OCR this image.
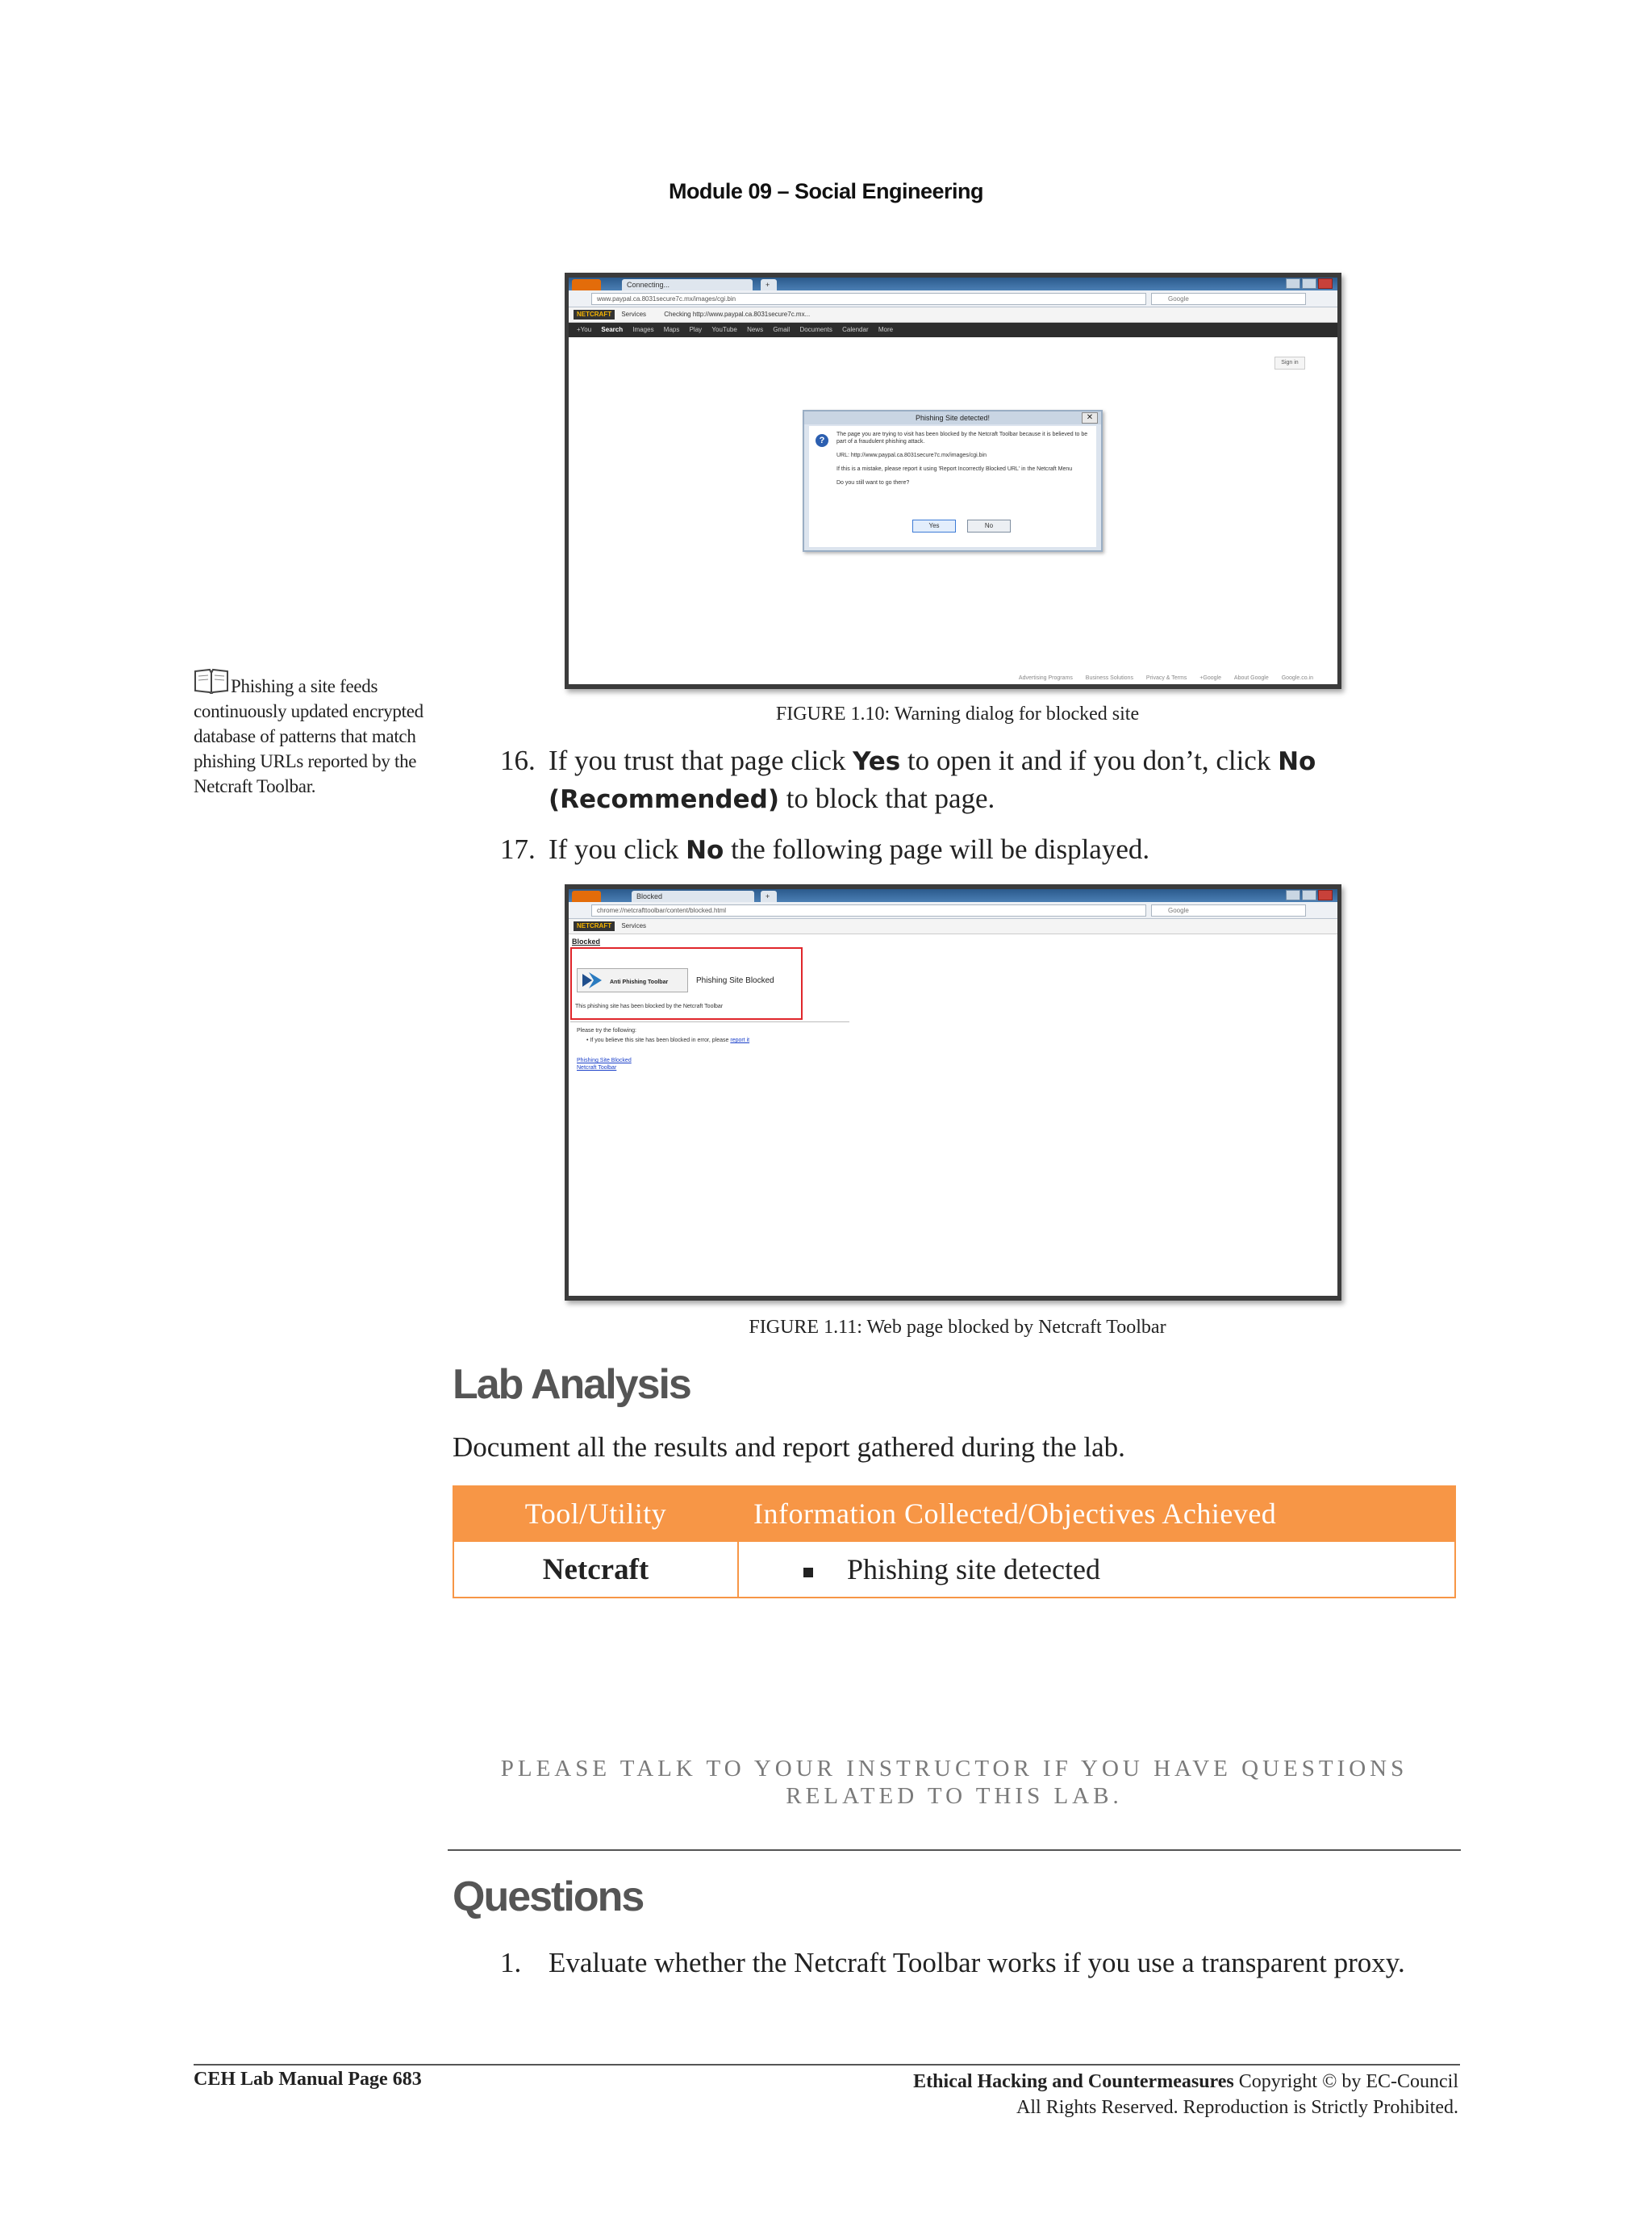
Module 09 – Social Engineering
Connecting...	+
www.paypal.ca.8031secure7c.mx/images/cgi.bin	Google
NETCRAFT Services	Checking http://www.paypal.ca.8031secure7c.mx...
+You Search Images Maps Play YouTube News Gmail Documents Calendar More
Sign in
Phishing Site detected!	✕
?

The page you are trying to visit has been blocked by the Netcraft Toolbar because it is believed to be part of a fraudulent phishing attack.

URL: http://www.paypal.ca.8031secure7c.mx/images/cgi.bin

If this is a mistake, please report it using 'Report Incorrectly Blocked URL' in the Netcraft Menu

Do you still want to go there?

Yes	No
Advertising Programs Business Solutions Privacy & Terms +Google About Google Google.co.in
Phishing a site feeds continuously updated encrypted database of patterns that match phishing URLs reported by the Netcraft Toolbar.
FIGURE 1.10: Warning dialog for blocked site
16. If you trust that page click Yes to open it and if you don’t, click No
(Recommended) to block that page.
17. If you click No the following page will be displayed.
Blocked	+
chrome://netcrafttoolbar/content/blocked.html	Google
NETCRAFT Services
Blocked
Anti Phishing Toolbar	Phishing Site Blocked
This phishing site has been blocked by the Netcraft Toolbar
Please try the following:
• If you believe this site has been blocked in error, please report it
Phishing Site Blocked
Netcraft Toolbar
FIGURE 1.11: Web page blocked by Netcraft Toolbar
Lab Analysis
Document all the results and report gathered during the lab.
Tool/Utility	Information Collected/Objectives Achieved
Netcraft	Phishing site detected
PLEASE TALK TO YOUR INSTRUCTOR IF YOU HAVE QUESTIONS
RELATED TO THIS LAB.
Questions
1. Evaluate whether the Netcraft Toolbar works if you use a transparent proxy.
CEH Lab Manual Page 683	Ethical Hacking and Countermeasures Copyright © by EC-Council
All Rights Reserved. Reproduction is Strictly Prohibited.
